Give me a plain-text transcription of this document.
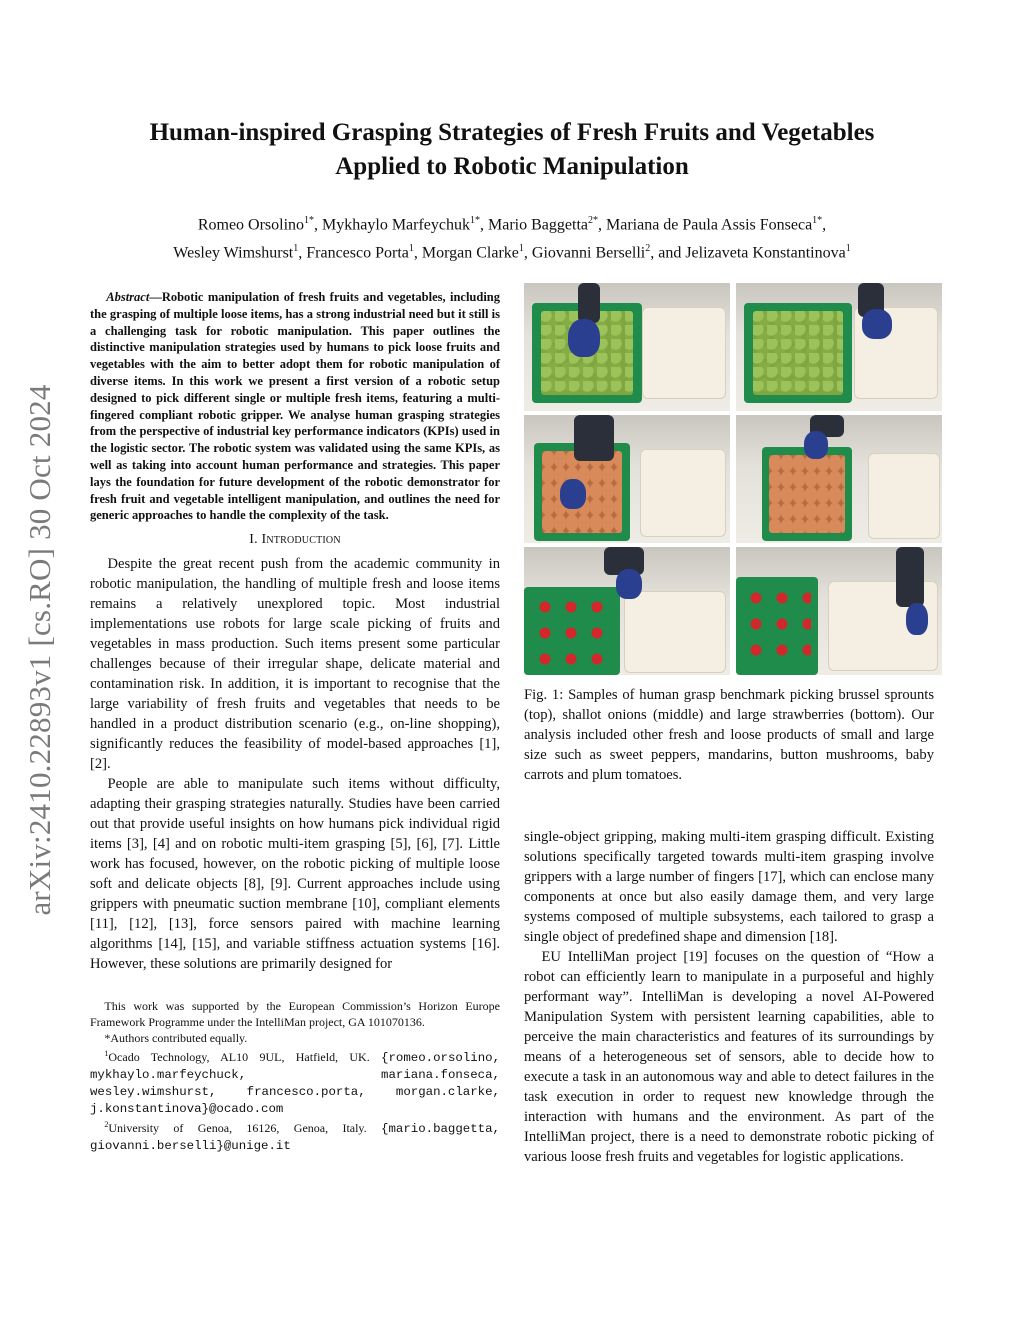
arXiv:2410.22893v1 [cs.RO] 30 Oct 2024
Human-inspired Grasping Strategies of Fresh Fruits and Vegetables
Applied to Robotic Manipulation
Romeo Orsolino$^{1*}$, Mykhaylo Marfeychuk$^{1*}$, Mario Baggetta$^{2*}$, Mariana de Paula Assis Fonseca$^{1*}$,
Wesley Wimshurst$^1$, Francesco Porta$^1$, Morgan Clarke$^1$, Giovanni Berselli$^2$, and Jelizaveta Konstantinova$^1$

Abstract—Robotic manipulation of fresh fruits and vegetables, including the grasping of multiple loose items, has a strong industrial need but it still is a challenging task for robotic manipulation. This paper outlines the distinctive manipulation strategies used by humans to pick loose fruits and vegetables with the aim to better adopt them for robotic manipulation of diverse items. In this work we present a first version of a robotic setup designed to pick different single or multiple fresh items, featuring a multi-fingered compliant robotic gripper. We analyse human grasping strategies from the perspective of industrial key performance indicators (KPIs) used in the logistic sector. The robotic system was validated using the same KPIs, as well as taking into account human performance and strategies. This paper lays the foundation for future development of the robotic demonstrator for fresh fruit and vegetable intelligent manipulation, and outlines the need for generic approaches to handle the complexity of the task.

I. Introduction

Despite the great recent push from the academic community in robotic manipulation, the handling of multiple fresh and loose items remains a relatively unexplored topic. Most industrial implementations use robots for large scale picking of fruits and vegetables in mass production. Such items present some particular challenges because of their irregular shape, delicate material and contamination risk. In addition, it is important to recognise that the large variability of fresh fruits and vegetables that needs to be handled in a product distribution scenario (e.g., on-line shopping), significantly reduces the feasibility of model-based approaches [1], [2].

People are able to manipulate such items without difficulty, adapting their grasping strategies naturally. Studies have been carried out that provide useful insights on how humans pick individual rigid items [3], [4] and on robotic multi-item grasping [5], [6], [7]. Little work has focused, however, on the robotic picking of multiple loose soft and delicate objects [8], [9]. Current approaches include using grippers with pneumatic suction membrane [10], compliant elements [11], [12], [13], force sensors paired with machine learning algorithms [14], [15], and variable stiffness actuation systems [16]. However, these solutions are primarily designed for

This work was supported by the European Commission’s Horizon Europe Framework Programme under the IntelliMan project, GA 101070136.

*Authors contributed equally.

$^1$Ocado Technology, AL10 9UL, Hatfield, UK. {romeo.orsolino, mykhaylo.marfeychuck, mariana.fonseca, wesley.wimshurst, francesco.porta, morgan.clarke, j.konstantinova}@ocado.com

$^2$University of Genoa, 16126, Genoa, Italy. {mario.baggetta, giovanni.berselli}@unige.it

Fig. 1: Samples of human grasp benchmark picking brussel sprounts (top), shallot onions (middle) and large strawberries (bottom). Our analysis included other fresh and loose products of small and large size such as sweet peppers, mandarins, button mushrooms, baby carrots and plum tomatoes.

single-object gripping, making multi-item grasping difficult. Existing solutions specifically targeted towards multi-item grasping involve grippers with a large number of fingers [17], which can enclose many components at once but also easily damage them, and very large systems composed of multiple subsystems, each tailored to grasp a single object of predefined shape and dimension [18].

EU IntelliMan project [19] focuses on the question of “How a robot can efficiently learn to manipulate in a purposeful and highly performant way”. IntelliMan is developing a novel AI-Powered Manipulation System with persistent learning capabilities, able to perceive the main characteristics and features of its surroundings by means of a heterogeneous set of sensors, able to decide how to execute a task in an autonomous way and able to detect failures in the task execution in order to request new knowledge through the interaction with humans and the environment. As part of the IntelliMan project, there is a need to demonstrate robotic picking of various loose fresh fruits and vegetables for logistic applications.
